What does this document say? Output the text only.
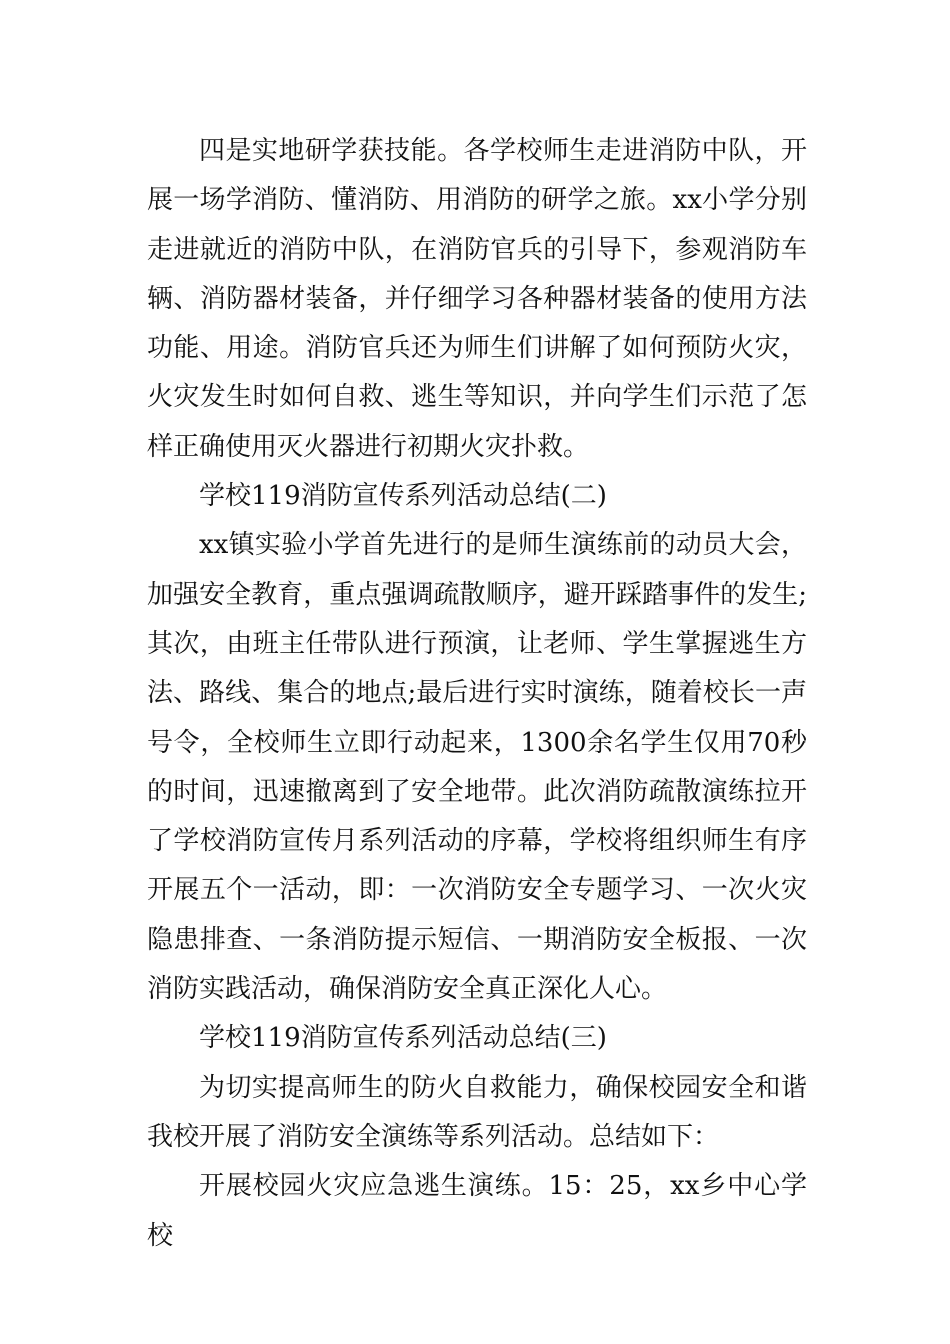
四是实地研学获技能。各学校师生走进消防中队，开展一场学消防、懂消防、用消防的研学之旅。xx小学分别走进就近的消防中队，在消防官兵的引导下，参观消防车辆、消防器材装备，并仔细学习各种器材装备的使用方法功能、用途。消防官兵还为师生们讲解了如何预防火灾，火灾发生时如何自救、逃生等知识，并向学生们示范了怎样正确使用灭火器进行初期火灾扑救。

学校119消防宣传系列活动总结(二)

xx镇实验小学首先进行的是师生演练前的动员大会，加强安全教育，重点强调疏散顺序，避开踩踏事件的发生;其次，由班主任带队进行预演，让老师、学生掌握逃生方法、路线、集合的地点;最后进行实时演练，随着校长一声号令，全校师生立即行动起来，1300余名学生仅用70秒的时间，迅速撤离到了安全地带。此次消防疏散演练拉开了学校消防宣传月系列活动的序幕，学校将组织师生有序开展五个一活动，即：一次消防安全专题学习、一次火灾隐患排查、一条消防提示短信、一期消防安全板报、一次消防实践活动，确保消防安全真正深化人心。

学校119消防宣传系列活动总结(三)

为切实提高师生的防火自救能力，确保校园安全和谐我校开展了消防安全演练等系列活动。总结如下：

开展校园火灾应急逃生演练。15：25，xx乡中心学校
